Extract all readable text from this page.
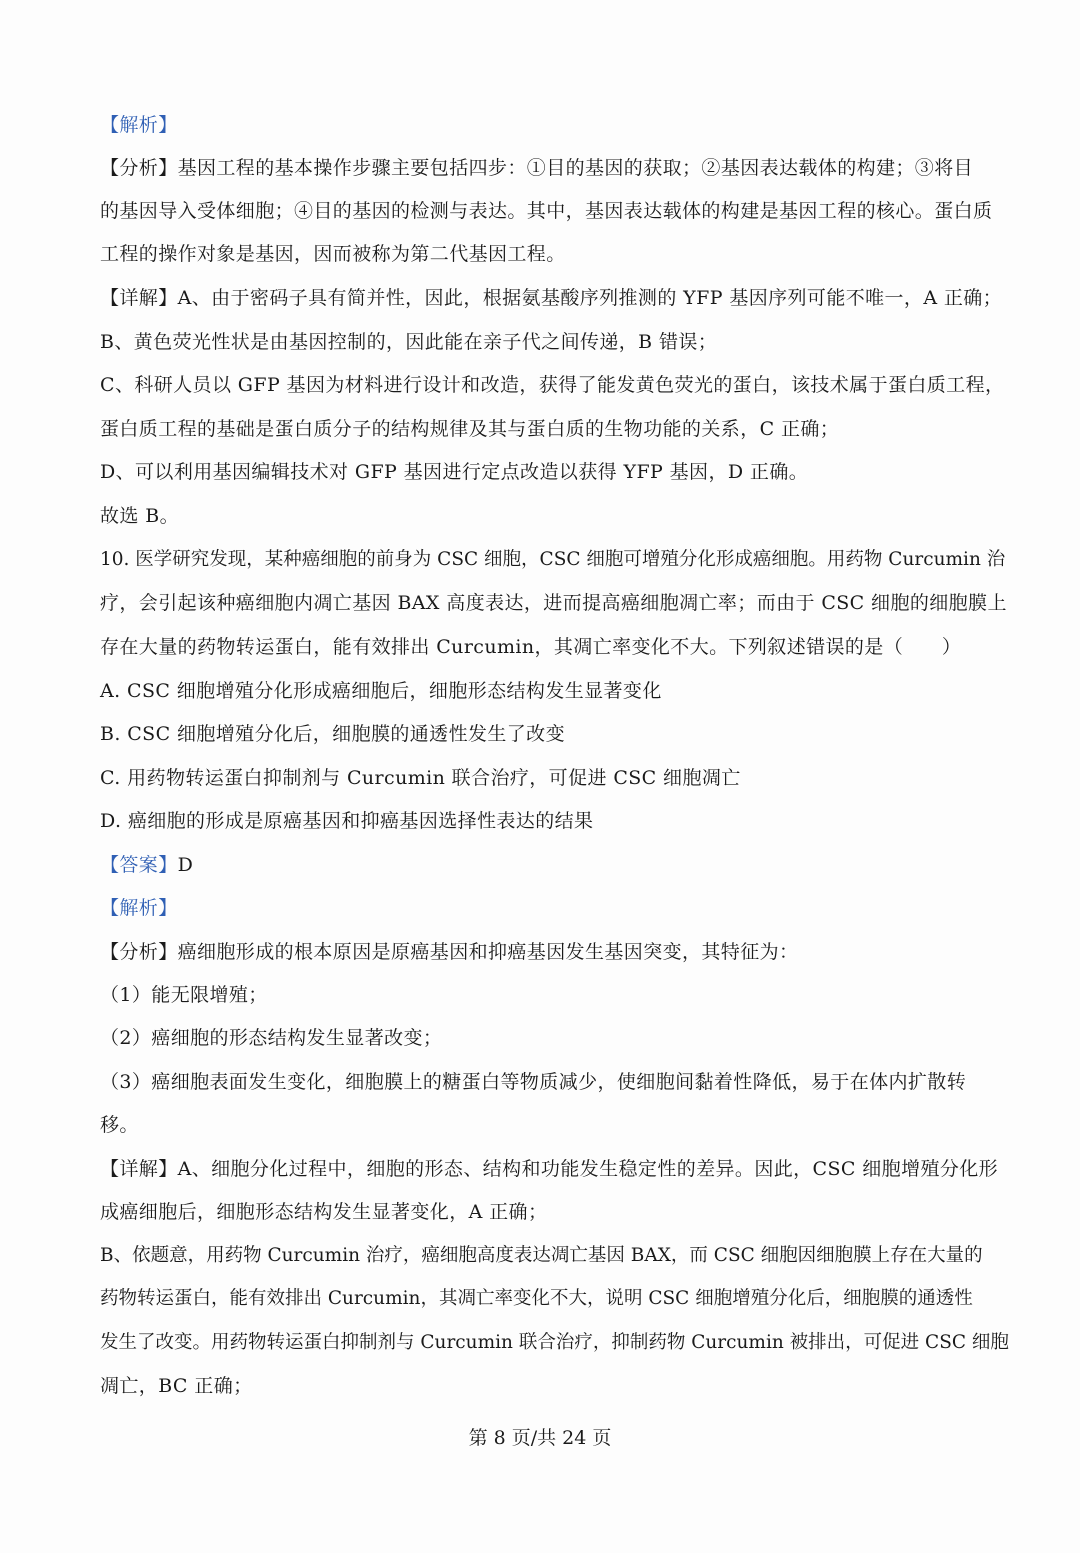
【解析】
【分析】基因工程的基本操作步骤主要包括四步：①目的基因的获取；②基因表达载体的构建；③将目
的基因导入受体细胞；④目的基因的检测与表达。其中，基因表达载体的构建是基因工程的核心。蛋白质
工程的操作对象是基因，因而被称为第二代基因工程。
【详解】A、由于密码子具有简并性，因此，根据氨基酸序列推测的 YFP 基因序列可能不唯一，A 正确；
B、黄色荧光性状是由基因控制的，因此能在亲子代之间传递，B 错误；
C、科研人员以 GFP 基因为材料进行设计和改造，获得了能发黄色荧光的蛋白，该技术属于蛋白质工程，
蛋白质工程的基础是蛋白质分子的结构规律及其与蛋白质的生物功能的关系，C 正确；
D、可以利用基因编辑技术对 GFP 基因进行定点改造以获得 YFP 基因，D 正确。
故选 B。
10. 医学研究发现，某种癌细胞的前身为 CSC 细胞，CSC 细胞可增殖分化形成癌细胞。用药物 Curcumin 治
疗，会引起该种癌细胞内凋亡基因 BAX 高度表达，进而提高癌细胞凋亡率；而由于 CSC 细胞的细胞膜上
存在大量的药物转运蛋白，能有效排出 Curcumin，其凋亡率变化不大。下列叙述错误的是（　　）
A. CSC 细胞增殖分化形成癌细胞后，细胞形态结构发生显著变化
B. CSC 细胞增殖分化后，细胞膜的通透性发生了改变
C. 用药物转运蛋白抑制剂与 Curcumin 联合治疗，可促进 CSC 细胞凋亡
D. 癌细胞的形成是原癌基因和抑癌基因选择性表达的结果
【答案】D
【解析】
【分析】癌细胞形成的根本原因是原癌基因和抑癌基因发生基因突变，其特征为：
（1）能无限增殖；
（2）癌细胞的形态结构发生显著改变；
（3）癌细胞表面发生变化，细胞膜上的糖蛋白等物质减少，使细胞间黏着性降低，易于在体内扩散转
移。
【详解】A、细胞分化过程中，细胞的形态、结构和功能发生稳定性的差异。因此，CSC 细胞增殖分化形
成癌细胞后，细胞形态结构发生显著变化，A 正确；
B、依题意，用药物 Curcumin 治疗，癌细胞高度表达凋亡基因 BAX，而 CSC 细胞因细胞膜上存在大量的
药物转运蛋白，能有效排出 Curcumin，其凋亡率变化不大，说明 CSC 细胞增殖分化后，细胞膜的通透性
发生了改变。用药物转运蛋白抑制剂与 Curcumin 联合治疗，抑制药物 Curcumin 被排出，可促进 CSC 细胞
凋亡，BC 正确；
第 8 页/共 24 页
